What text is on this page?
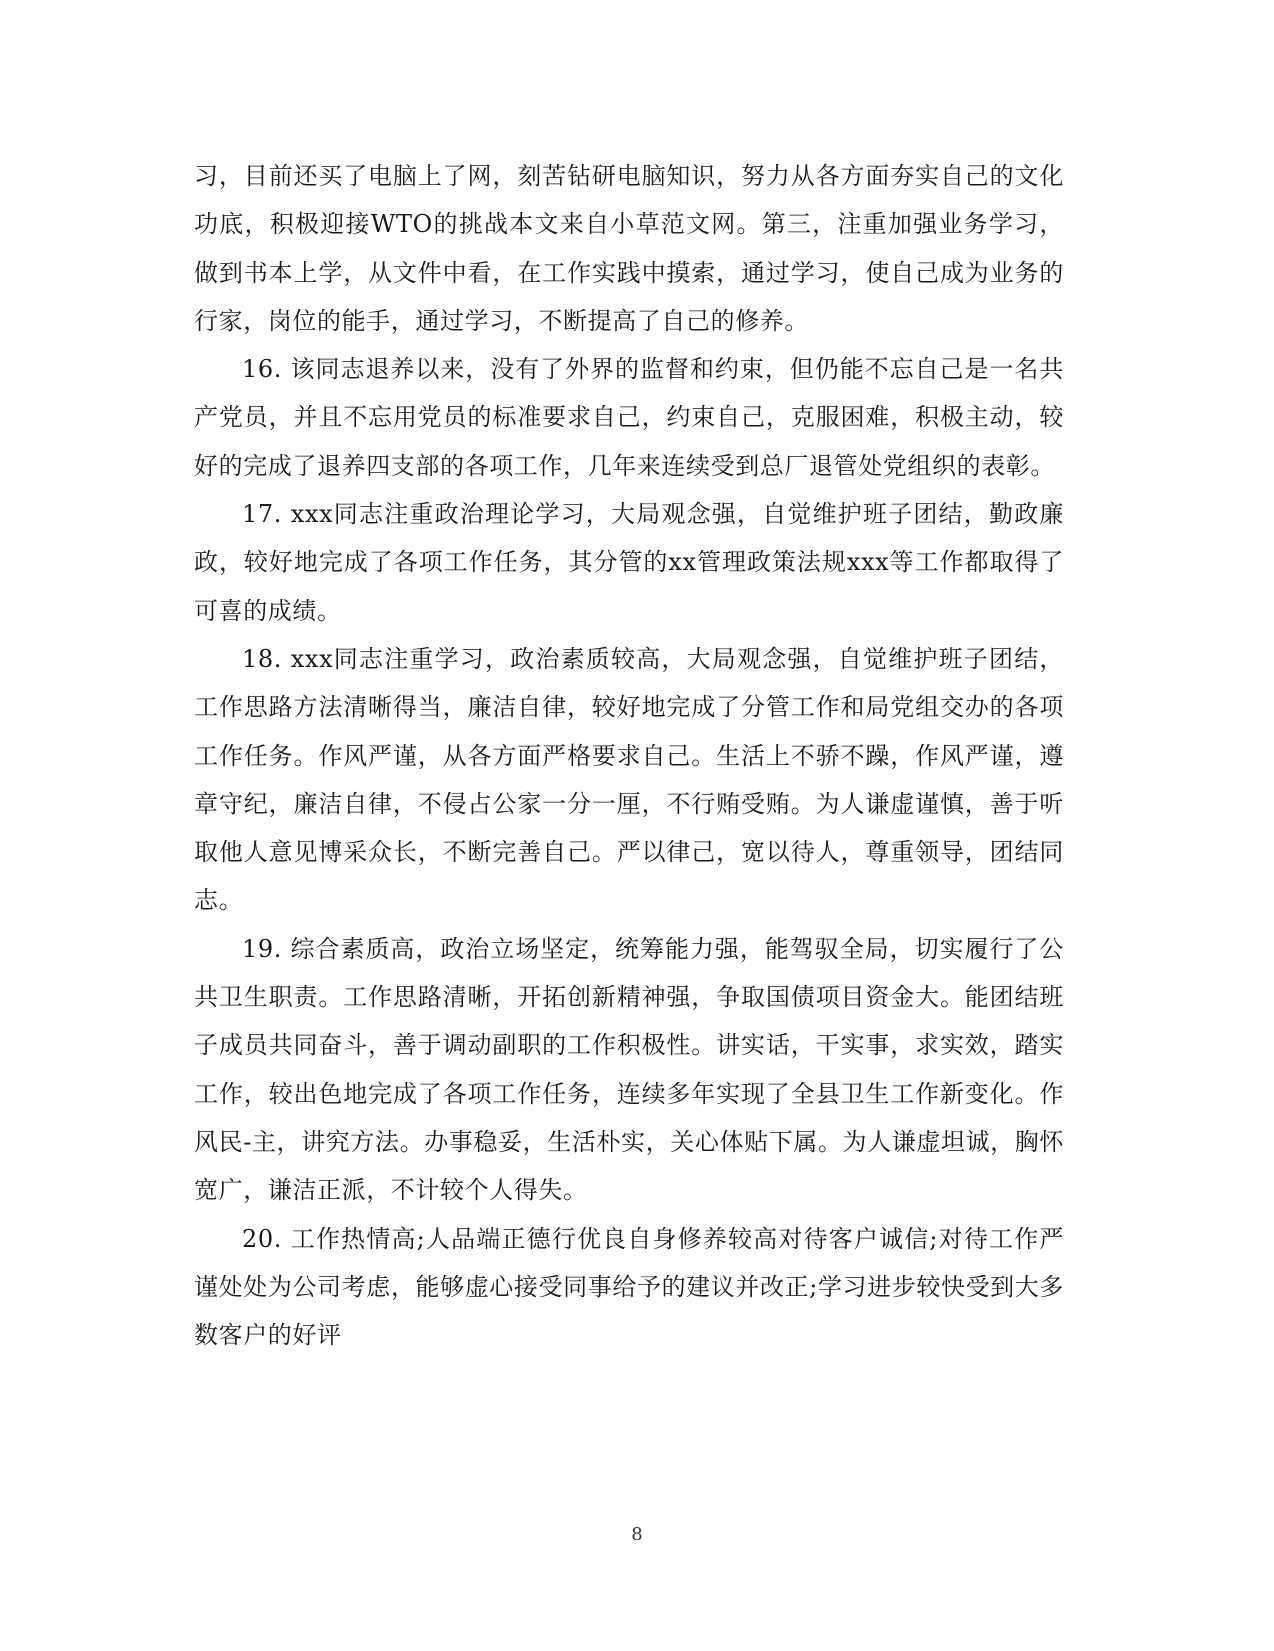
习，目前还买了电脑上了网，刻苦钻研电脑知识，努力从各方面夯实自己的文化功底，积极迎接WTO的挑战本文来自小草范文网。第三，注重加强业务学习，做到书本上学，从文件中看，在工作实践中摸索，通过学习，使自己成为业务的行家，岗位的能手，通过学习，不断提高了自己的修养。

16. 该同志退养以来，没有了外界的监督和约束，但仍能不忘自己是一名共产党员，并且不忘用党员的标准要求自己，约束自己，克服困难，积极主动，较好的完成了退养四支部的各项工作，几年来连续受到总厂退管处党组织的表彰。

17. xxx同志注重政治理论学习，大局观念强，自觉维护班子团结，勤政廉政，较好地完成了各项工作任务，其分管的xx管理政策法规xxx等工作都取得了可喜的成绩。

18. xxx同志注重学习，政治素质较高，大局观念强，自觉维护班子团结，工作思路方法清晰得当，廉洁自律，较好地完成了分管工作和局党组交办的各项工作任务。作风严谨，从各方面严格要求自己。生活上不骄不躁，作风严谨，遵章守纪，廉洁自律，不侵占公家一分一厘，不行贿受贿。为人谦虚谨慎，善于听取他人意见博采众长，不断完善自己。严以律己，宽以待人，尊重领导，团结同志。

19. 综合素质高，政治立场坚定，统筹能力强，能驾驭全局，切实履行了公共卫生职责。工作思路清晰，开拓创新精神强，争取国债项目资金大。能团结班子成员共同奋斗，善于调动副职的工作积极性。讲实话，干实事，求实效，踏实工作，较出色地完成了各项工作任务，连续多年实现了全县卫生工作新变化。作风民-主，讲究方法。办事稳妥，生活朴实，关心体贴下属。为人谦虚坦诚，胸怀宽广，谦洁正派，不计较个人得失。

20. 工作热情高;人品端正德行优良自身修养较高对待客户诚信;对待工作严谨处处为公司考虑，能够虚心接受同事给予的建议并改正;学习进步较快受到大多数客户的好评

8
